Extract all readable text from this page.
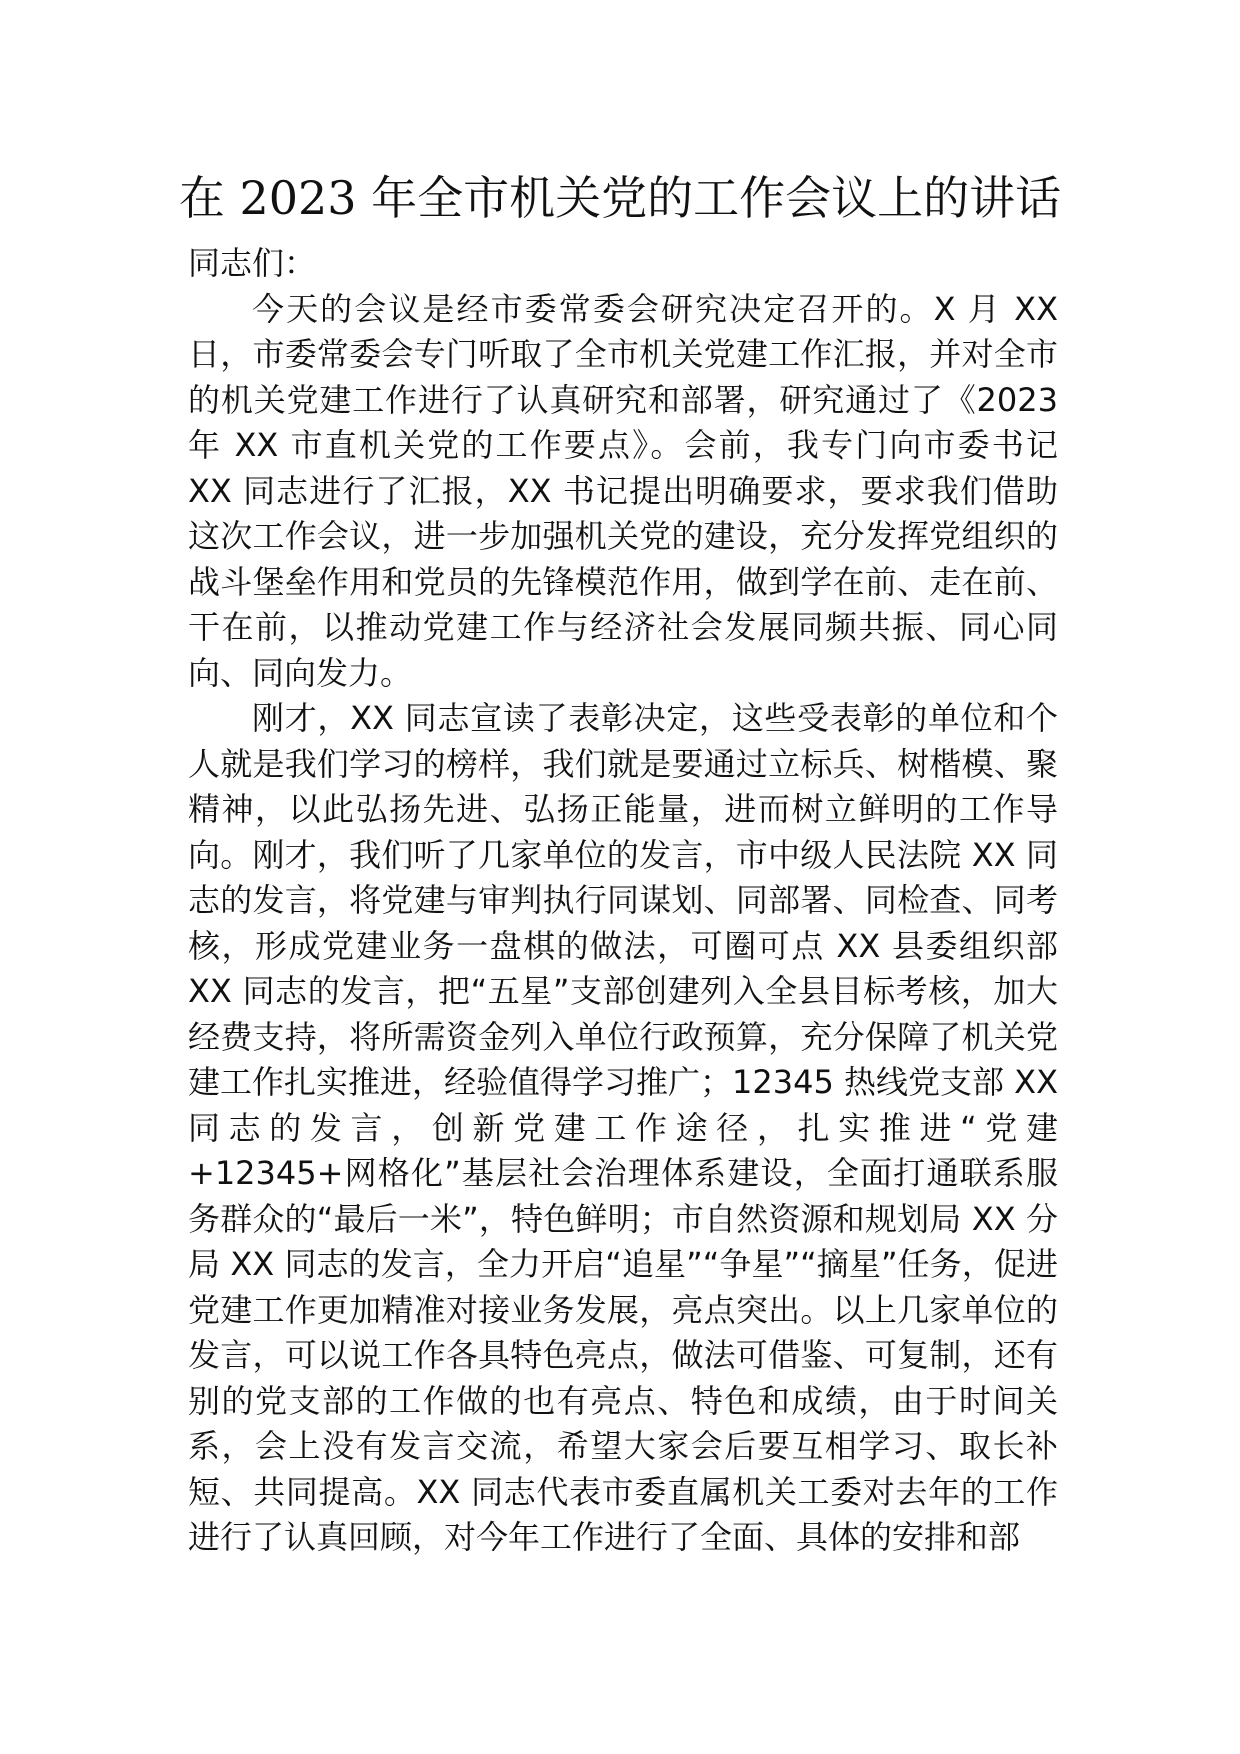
在 2023 年全市机关党的工作会议上的讲话

同志们：

今天的会议是经市委常委会研究决定召开的。X 月 XX 日，市委常委会专门听取了全市机关党建工作汇报，并对全市的机关党建工作进行了认真研究和部署，研究通过了《2023 年 XX 市直机关党的工作要点》。会前，我专门向市委书记 XX 同志进行了汇报，XX 书记提出明确要求，要求我们借助这次工作会议，进一步加强机关党的建设，充分发挥党组织的战斗堡垒作用和党员的先锋模范作用，做到学在前、走在前、干在前，以推动党建工作与经济社会发展同频共振、同心同向、同向发力。

刚才，XX 同志宣读了表彰决定，这些受表彰的单位和个人就是我们学习的榜样，我们就是要通过立标兵、树楷模、聚精神，以此弘扬先进、弘扬正能量，进而树立鲜明的工作导向。刚才，我们听了几家单位的发言，市中级人民法院 XX 同志的发言，将党建与审判执行同谋划、同部署、同检查、同考核，形成党建业务一盘棋的做法，可圈可点 XX 县委组织部 XX 同志的发言，把“五星”支部创建列入全县目标考核，加大经费支持，将所需资金列入单位行政预算，充分保障了机关党建工作扎实推进，经验值得学习推广；12345 热线党支部 XX 同志的发言，创新党建工作途径，扎实推进“党建+12345+网格化”基层社会治理体系建设，全面打通联系服务群众的“最后一米”，特色鲜明；市自然资源和规划局 XX 分局 XX 同志的发言，全力开启“追星”“争星”“摘星”任务，促进党建工作更加精准对接业务发展，亮点突出。以上几家单位的发言，可以说工作各具特色亮点，做法可借鉴、可复制，还有别的党支部的工作做的也有亮点、特色和成绩，由于时间关系，会上没有发言交流，希望大家会后要互相学习、取长补短、共同提高。XX 同志代表市委直属机关工委对去年的工作进行了认真回顾，对今年工作进行了全面、具体的安排和部
